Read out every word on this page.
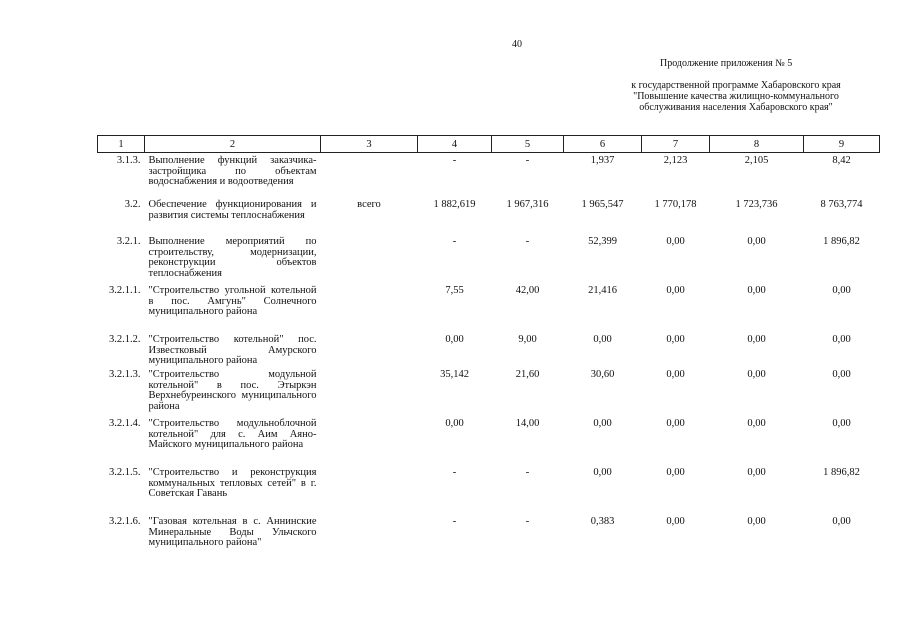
40
Продолжение приложения № 5
к государственной программе Хабаровского края "Повышение качества жилищно-коммунального обслуживания населения Хабаровского края"
1	2	3	4	5	6	7	8	9
3.1.3.	Выполнение функций заказчика-застройщика по объектам водоснабжения и водоотведения		-	-	1,937	2,123	2,105	8,42
3.2.	Обеспечение функционирования и развития системы теплоснабжения	всего	1 882,619	1 967,316	1 965,547	1 770,178	1 723,736	8 763,774
3.2.1.	Выполнение мероприятий по строительству, модернизации, реконструкции объектов теплоснабжения		-	-	52,399	0,00	0,00	1 896,82
3.2.1.1.	"Строительство угольной котельной в пос. Амгунь" Солнечного муниципального района		7,55	42,00	21,416	0,00	0,00	0,00
3.2.1.2.	"Строительство котельной" пос. Известковый Амурского муниципального района		0,00	9,00	0,00	0,00	0,00	0,00
3.2.1.3.	"Строительство модульной котельной" в пос. Этыркэн Верхнебуреинского муниципального района		35,142	21,60	30,60	0,00	0,00	0,00
3.2.1.4.	"Строительство модульноблочной котельной" для с. Аим Аяно-Майского муниципального района		0,00	14,00	0,00	0,00	0,00	0,00
3.2.1.5.	"Строительство и реконструкция коммунальных тепловых сетей" в г. Советская Гавань		-	-	0,00	0,00	0,00	1 896,82
3.2.1.6.	"Газовая котельная в с. Аннинские Минеральные Воды Ульчского муниципального района"		-	-	0,383	0,00	0,00	0,00
